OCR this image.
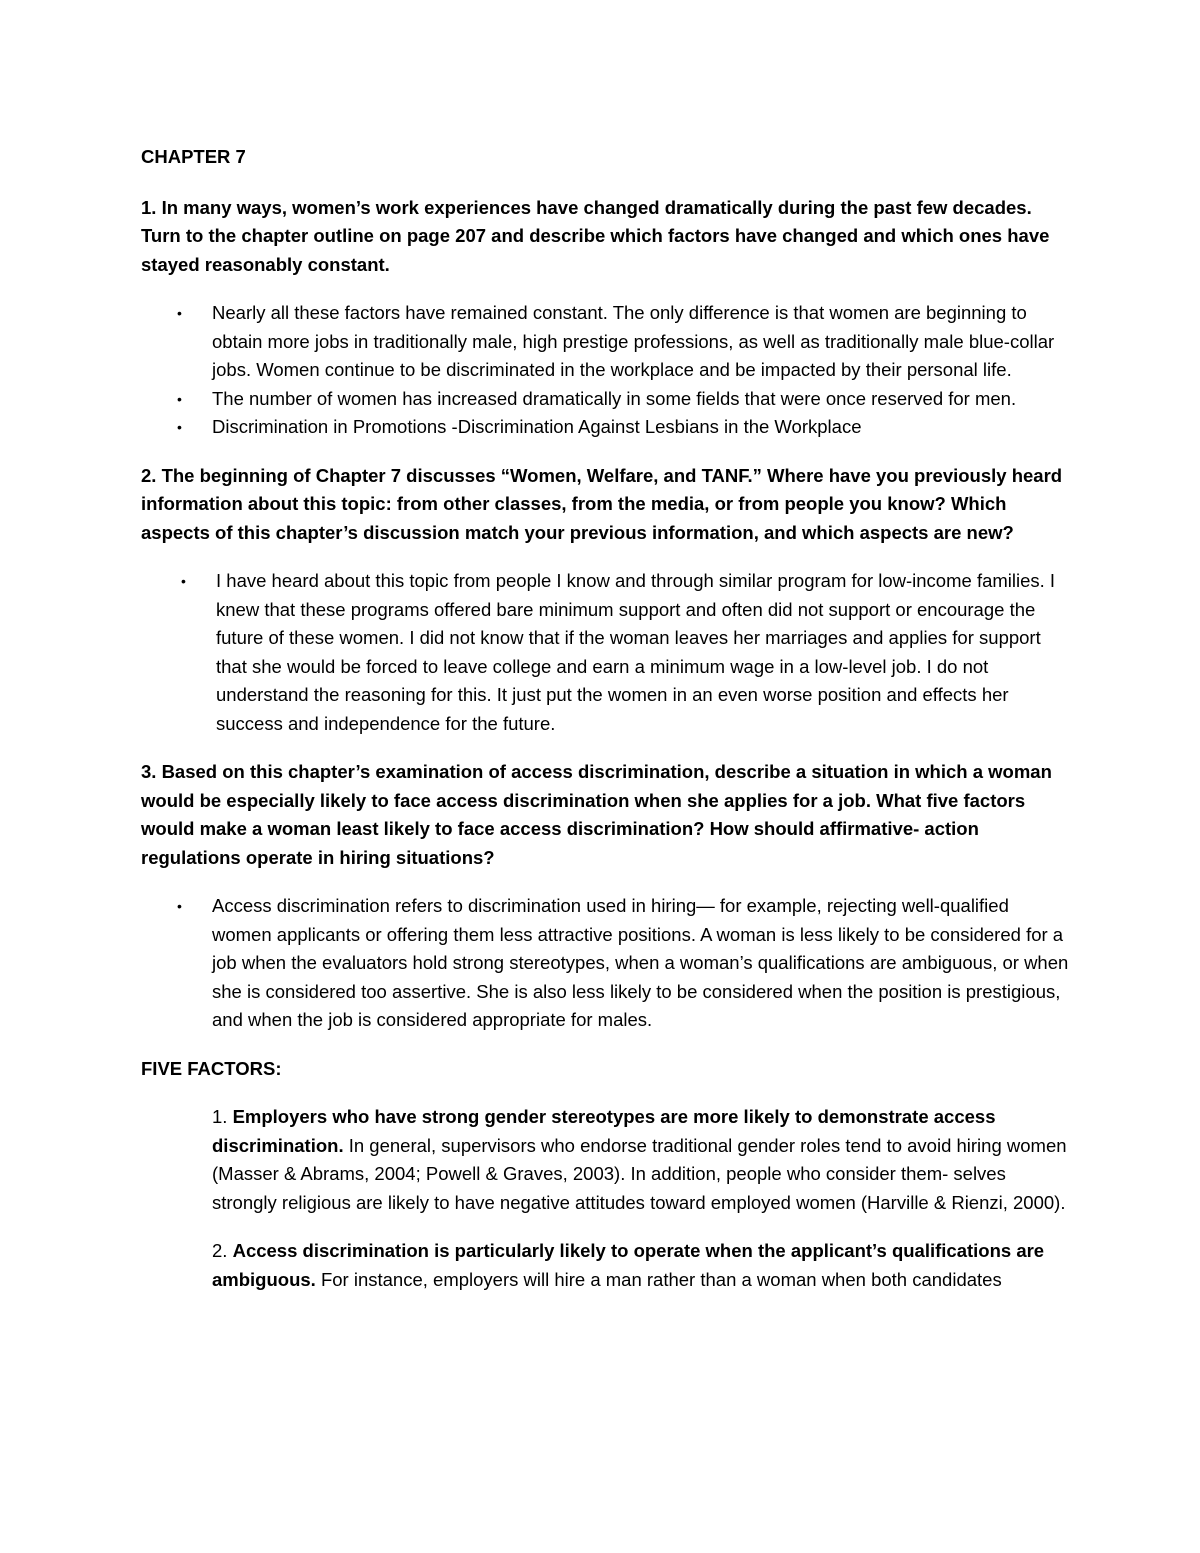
CHAPTER 7

1. In many ways, women’s work experiences have changed dramatically during the past few decades. Turn to the chapter outline on page 207 and describe which factors have changed and which ones have stayed reasonably constant.

• Nearly all these factors have remained constant. The only difference is that women are beginning to obtain more jobs in traditionally male, high prestige professions, as well as traditionally male blue-collar jobs. Women continue to be discriminated in the workplace and be impacted by their personal life.
• The number of women has increased dramatically in some fields that were once reserved for men.
• Discrimination in Promotions -Discrimination Against Lesbians in the Workplace

2. The beginning of Chapter 7 discusses “Women, Welfare, and TANF.” Where have you previously heard information about this topic: from other classes, from the media, or from people you know? Which aspects of this chapter’s discussion match your previous information, and which aspects are new?

• I have heard about this topic from people I know and through similar program for low-income families. I knew that these programs offered bare minimum support and often did not support or encourage the future of these women. I did not know that if the woman leaves her marriages and applies for support that she would be forced to leave college and earn a minimum wage in a low-level job. I do not understand the reasoning for this. It just put the women in an even worse position and effects her success and independence for the future.

3. Based on this chapter’s examination of access discrimination, describe a situation in which a woman would be especially likely to face access discrimination when she applies for a job. What five factors would make a woman least likely to face access discrimination? How should affirmative- action regulations operate in hiring situations?

• Access discrimination refers to discrimination used in hiring— for example, rejecting well-qualified women applicants or offering them less attractive positions. A woman is less likely to be considered for a job when the evaluators hold strong stereotypes, when a woman’s qualifications are ambiguous, or when she is considered too assertive. She is also less likely to be considered when the position is prestigious, and when the job is considered appropriate for males.

FIVE FACTORS:

1. Employers who have strong gender stereotypes are more likely to demonstrate access discrimination. In general, supervisors who endorse traditional gender roles tend to avoid hiring women (Masser & Abrams, 2004; Powell & Graves, 2003). In addition, people who consider them- selves strongly religious are likely to have negative attitudes toward employed women (Harville & Rienzi, 2000).

2. Access discrimination is particularly likely to operate when the applicant’s qualifications are ambiguous. For instance, employers will hire a man rather than a woman when both candidates
